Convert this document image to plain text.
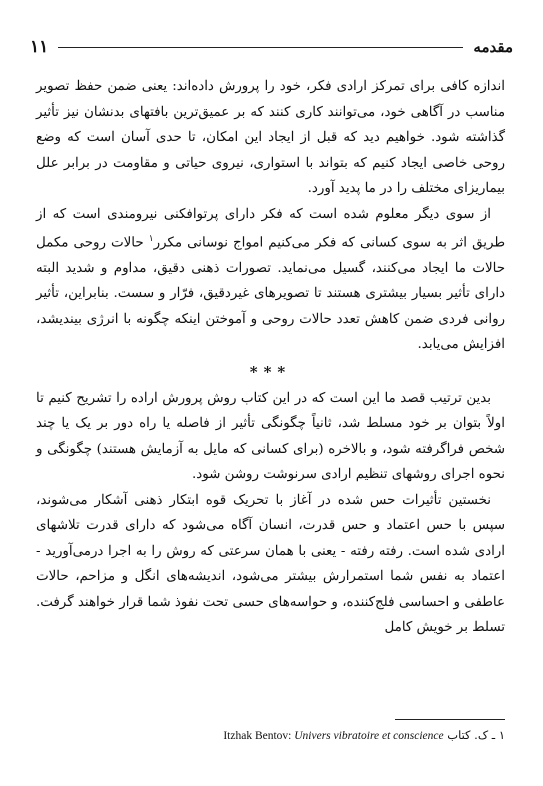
۱۱	مقدمه

اندازه کافی برای تمرکز ارادی فکر، خود را پرورش داده‌اند: یعنی ضمن حفظ تصویر مناسب در آگاهی خود، می‌توانند کاری کنند که بر عمیق‌ترین بافتهای بدنشان نیز تأثیر گذاشته شود. خواهیم دید که قبل از ایجاد این امکان، تا حدی آسان است که وضع روحی خاصی ایجاد کنیم که بتواند با استواری، نیروی حیاتی و مقاومت در برابر علل بیماریزای مختلف را در ما پدید آورد.

از سوی دیگر معلوم شده است که فکر دارای پرتوافکنی نیرومندی است که از طریق اثر به سوی کسانی که فکر می‌کنیم امواج نوسانی مکرر$^۱$ حالات روحی مکمل حالات ما ایجاد می‌کنند، گسیل می‌نماید. تصورات ذهنی دقیق، مداوم و شدید البته دارای تأثیر بسیار بیشتری هستند تا تصویرهای غیردقیق، فرّار و سست. بنابراین، تأثیر روانی فردی ضمن کاهش تعدد حالات روحی و آموختن اینکه چگونه با انرژی بیندیشد، افزایش می‌یابد.

***

بدین ترتیب قصد ما این است که در این کتاب روش پرورش اراده را تشریح کنیم تا اولاً بتوان بر خود مسلط شد، ثانیاً چگونگی تأثیر از فاصله یا راه دور بر یک یا چند شخص فراگرفته شود، و بالاخره (برای کسانی که مایل به آزمایش هستند) چگونگی و نحوه اجرای روشهای تنظیم ارادی سرنوشت روشن شود.

نخستین تأثیرات حس شده در آغاز با تحریک قوه ابتکار ذهنی آشکار می‌شوند، سپس با حس اعتماد و حس قدرت، انسان آگاه می‌شود که دارای قدرت تلاشهای ارادی شده است. رفته رفته - یعنی با همان سرعتی که روش را به اجرا درمی‌آورید - اعتماد به نفس شما استمرارش بیشتر می‌شود، اندیشه‌های انگل و مزاحم، حالات عاطفی و احساسی فلج‌کننده، و حواسه‌های حسی تحت نفوذ شما قرار خواهند گرفت. تسلط بر خویش کامل

۱ ـ ک. کتاب Itzhak Bentov: Univers vibratoire et conscience
